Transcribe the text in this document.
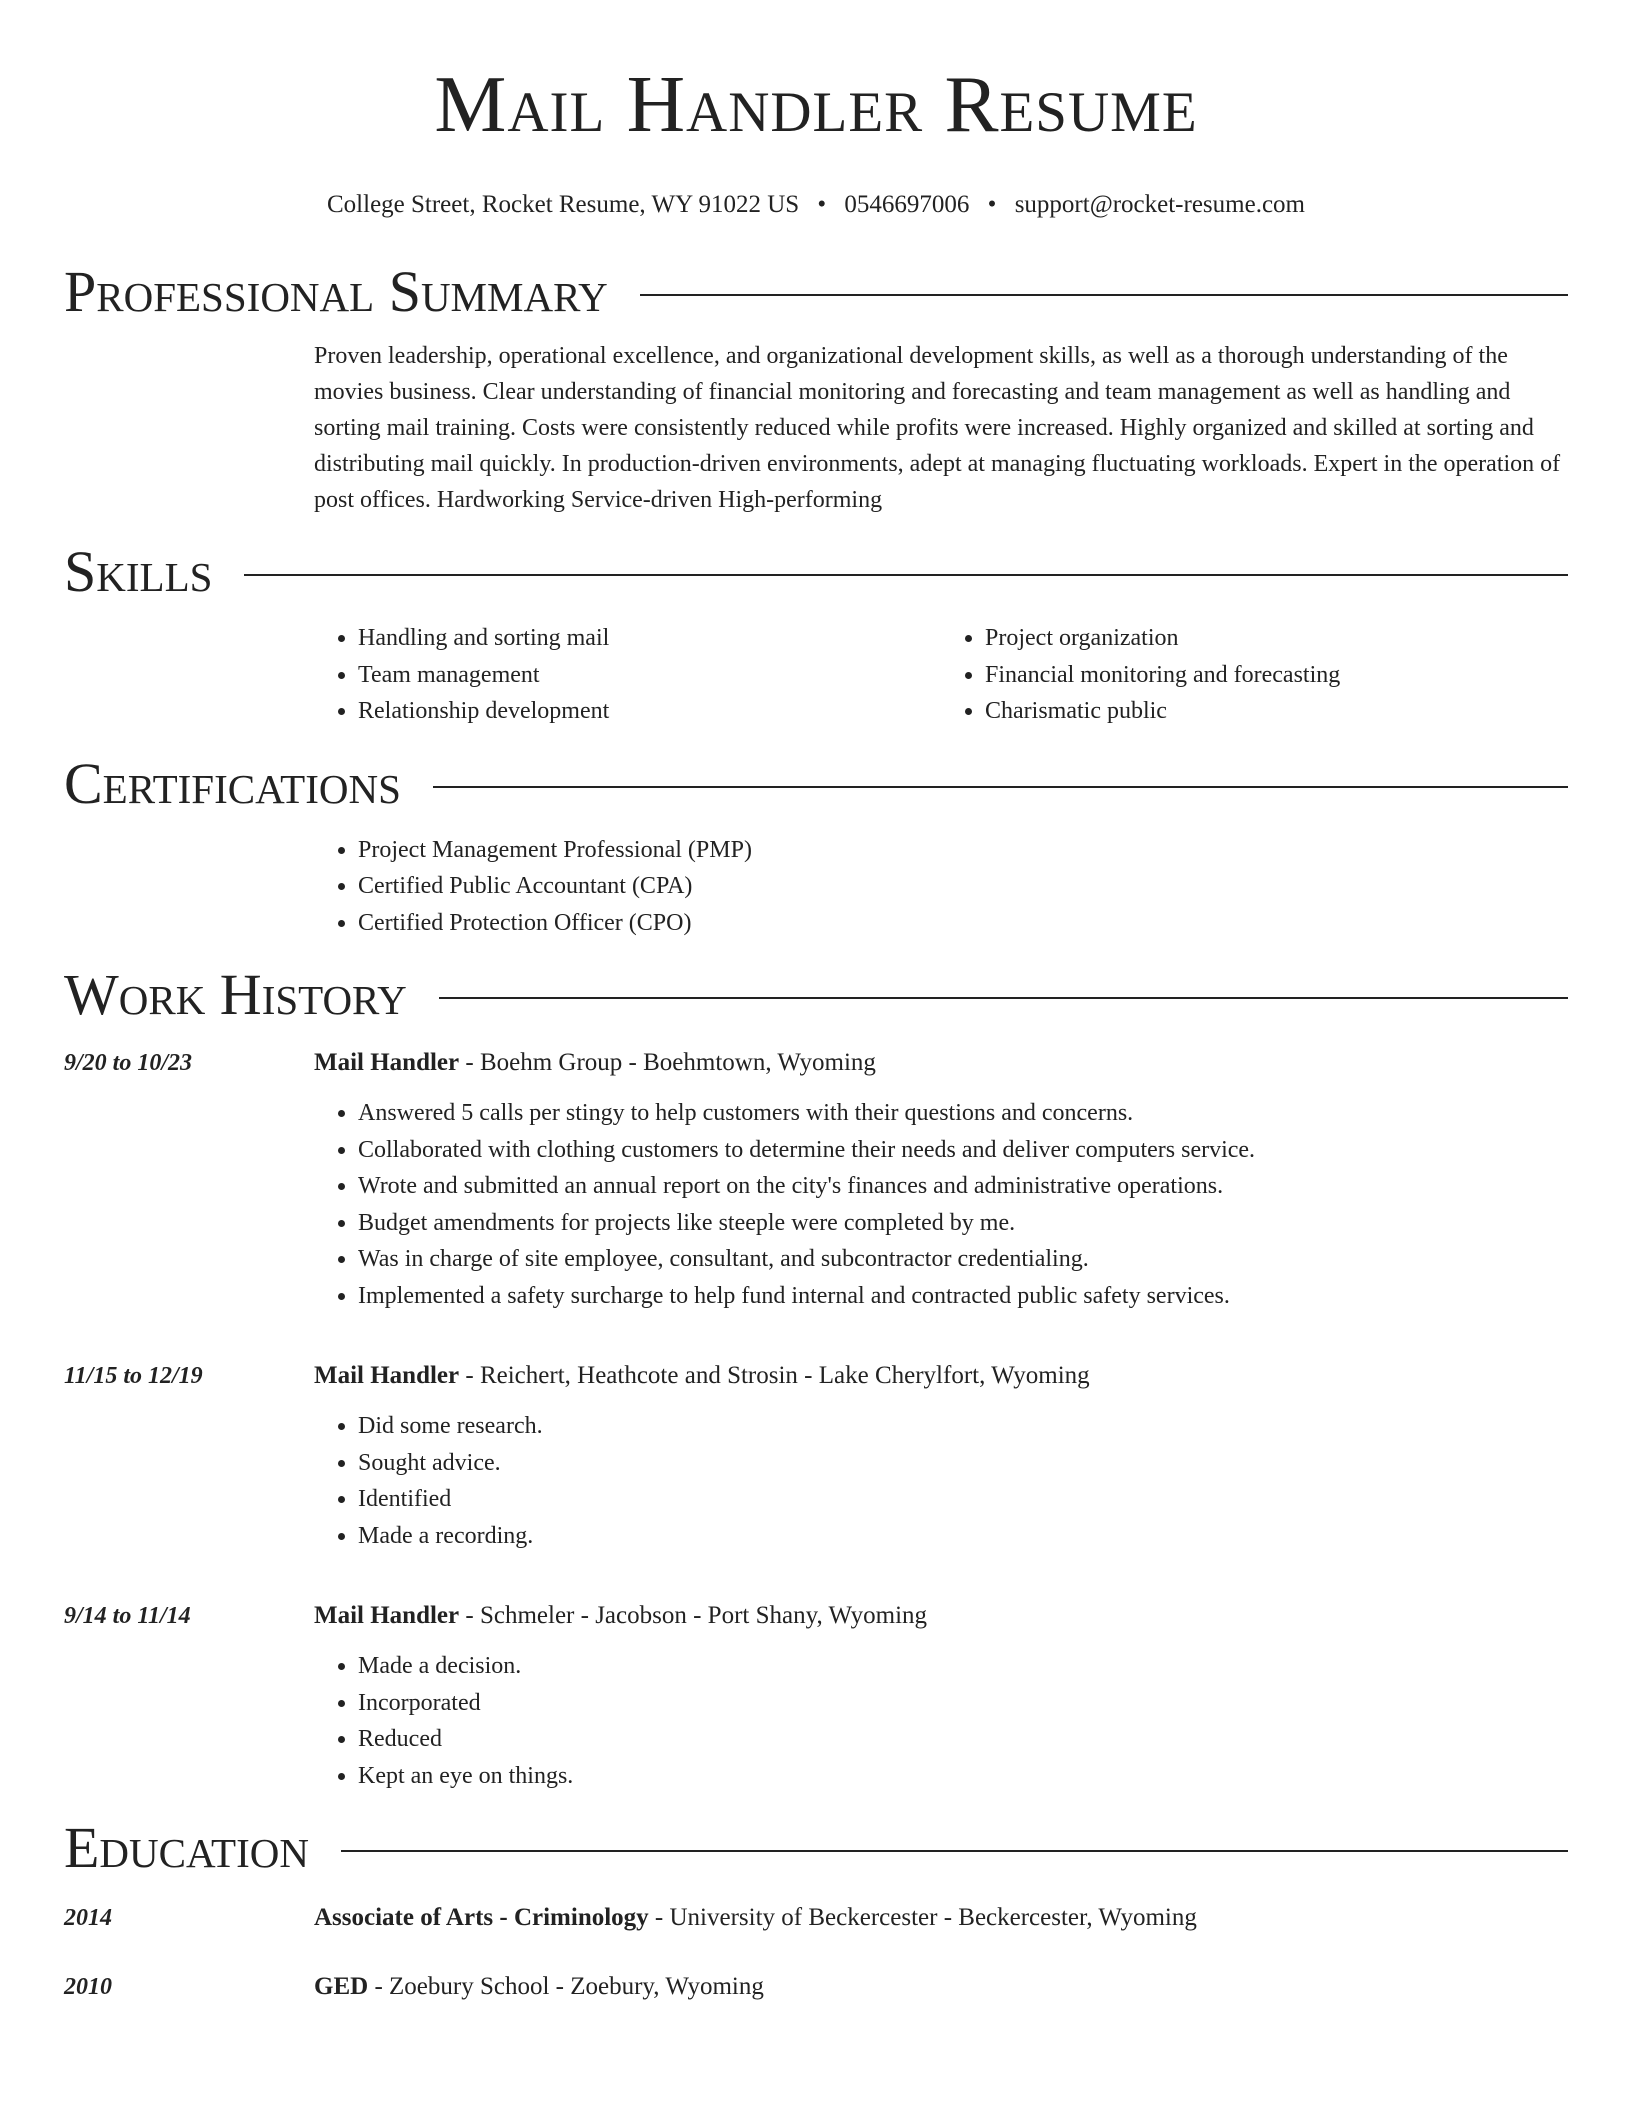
Mail Handler Resume
College Street, Rocket Resume, WY 91022 US • 0546697006 • support@rocket-resume.com
Professional Summary
Proven leadership, operational excellence, and organizational development skills, as well as a thorough understanding of the movies business. Clear understanding of financial monitoring and forecasting and team management as well as handling and sorting mail training. Costs were consistently reduced while profits were increased. Highly organized and skilled at sorting and distributing mail quickly. In production-driven environments, adept at managing fluctuating workloads. Expert in the operation of post offices. Hardworking Service-driven High-performing
Skills
• Handling and sorting mail
• Team management
• Relationship development
• Project organization
• Financial monitoring and forecasting
• Charismatic public
Certifications
• Project Management Professional (PMP)
• Certified Public Accountant (CPA)
• Certified Protection Officer (CPO)
Work History
9/20 to 10/23	Mail Handler - Boehm Group - Boehmtown, Wyoming
• Answered 5 calls per stingy to help customers with their questions and concerns.
• Collaborated with clothing customers to determine their needs and deliver computers service.
• Wrote and submitted an annual report on the city's finances and administrative operations.
• Budget amendments for projects like steeple were completed by me.
• Was in charge of site employee, consultant, and subcontractor credentialing.
• Implemented a safety surcharge to help fund internal and contracted public safety services.
11/15 to 12/19	Mail Handler - Reichert, Heathcote and Strosin - Lake Cherylfort, Wyoming
• Did some research.
• Sought advice.
• Identified
• Made a recording.
9/14 to 11/14	Mail Handler - Schmeler - Jacobson - Port Shany, Wyoming
• Made a decision.
• Incorporated
• Reduced
• Kept an eye on things.
Education
2014	Associate of Arts - Criminology - University of Beckercester - Beckercester, Wyoming
2010	GED - Zoebury School - Zoebury, Wyoming
